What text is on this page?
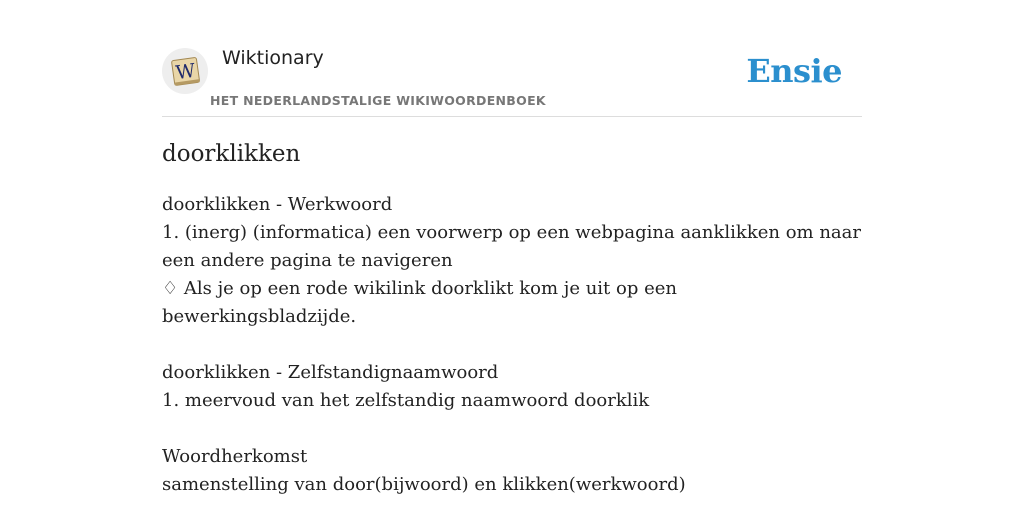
W
Wiktionary
HET NEDERLANDSTALIGE WIKIWOORDENBOEK
Ensie
doorklikken
doorklikken - Werkwoord
1. (inerg) (informatica) een voorwerp op een webpagina aanklikken om naar een andere pagina te navigeren
♢ Als je op een rode wikilink doorklikt kom je uit op een bewerkingsbladzijde.
doorklikken - Zelfstandignaamwoord
1. meervoud van het zelfstandig naamwoord doorklik
Woordherkomst
samenstelling van door(bijwoord) en klikken(werkwoord)
